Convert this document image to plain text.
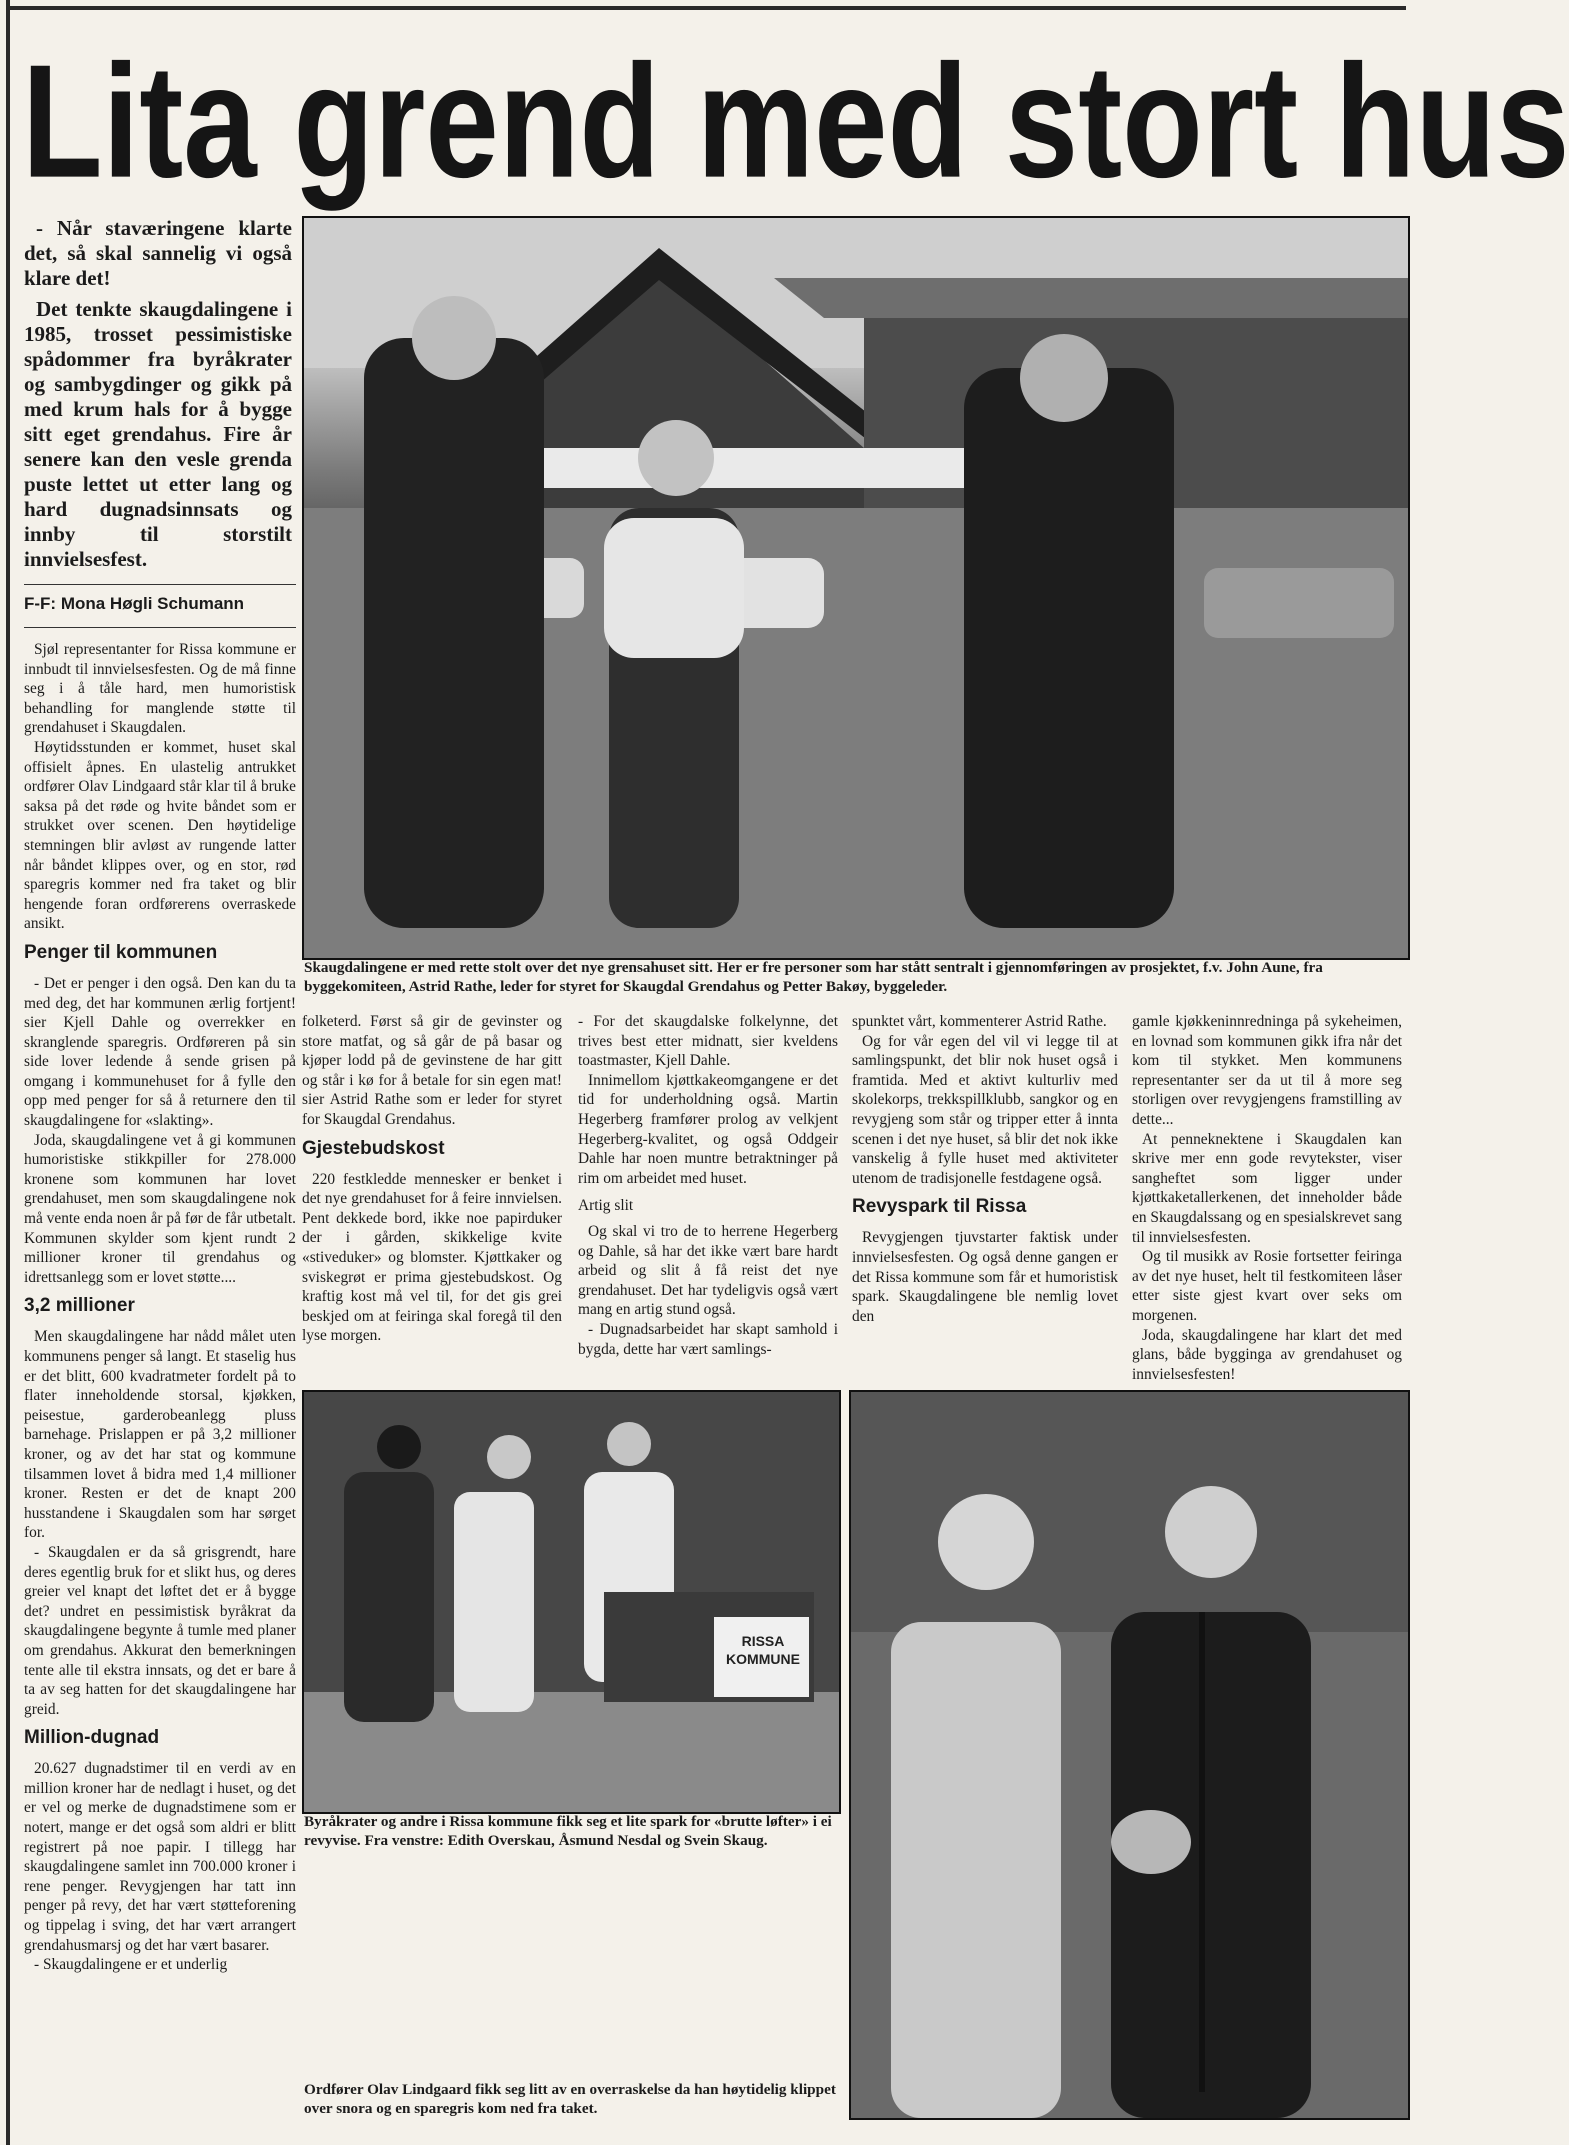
Lita grend med stort hus

- Når staværingene klarte det, så skal sannelig vi også klare det!

Det tenkte skaugdalingene i 1985, trosset pessimistiske spådommer fra byråkrater og sambygdinger og gikk på med krum hals for å bygge sitt eget grendahus. Fire år senere kan den vesle grenda puste lettet ut etter lang og hard dugnadsinnsats og innby til storstilt innvielsesfest.

F-F: Mona Høgli Schumann

Sjøl representanter for Rissa kommune er innbudt til innvielsesfesten. Og de må finne seg i å tåle hard, men humoristisk behandling for manglende støtte til grendahuset i Skaugdalen.

Høytidsstunden er kommet, huset skal offisielt åpnes. En ulastelig antrukket ordfører Olav Lindgaard står klar til å bruke saksa på det røde og hvite båndet som er strukket over scenen. Den høytidelige stemningen blir avløst av rungende latter når båndet klippes over, og en stor, rød sparegris kommer ned fra taket og blir hengende foran ordførerens overraskede ansikt.

Penger til kommunen

- Det er penger i den også. Den kan du ta med deg, det har kommunen ærlig fortjent! sier Kjell Dahle og overrekker en skranglende sparegris. Ordføreren på sin side lover ledende å sende grisen på omgang i kommunehuset for å fylle den opp med penger for så å returnere den til skaugdalingene for «slakting».

Joda, skaugdalingene vet å gi kommunen humoristiske stikkpiller for 278.000 kronene som kommunen har lovet grendahuset, men som skaugdalingene nok må vente enda noen år på før de får utbetalt. Kommunen skylder som kjent rundt 2 millioner kroner til grendahus og idrettsanlegg som er lovet støtte....

3,2 millioner

Men skaugdalingene har nådd målet uten kommunens penger så langt. Et staselig hus er det blitt, 600 kvadratmeter fordelt på to flater inneholdende storsal, kjøkken, peisestue, garderobeanlegg pluss barnehage. Prislappen er på 3,2 millioner kroner, og av det har stat og kommune tilsammen lovet å bidra med 1,4 millioner kroner. Resten er det de knapt 200 husstandene i Skaugdalen som har sørget for.

- Skaugdalen er da så grisgrendt, hare deres egentlig bruk for et slikt hus, og deres greier vel knapt det løftet det er å bygge det? undret en pessimistisk byråkrat da skaugdalingene begynte å tumle med planer om grendahus. Akkurat den bemerkningen tente alle til ekstra innsats, og det er bare å ta av seg hatten for det skaugdalingene har greid.

Million-dugnad

20.627 dugnadstimer til en verdi av en million kroner har de nedlagt i huset, og det er vel og merke de dugnadstimene som er notert, mange er det også som aldri er blitt registrert på noe papir. I tillegg har skaugdalingene samlet inn 700.000 kroner i rene penger. Revygjengen har tatt inn penger på revy, det har vært støtteforening og tippelag i sving, det har vært arrangert grendahusmarsj og det har vært basarer.

- Skaugdalingene er et underlig

Skaugdalingene er med rette stolt over det nye grensahuset sitt. Her er fre personer som har stått sentralt i gjennomføringen av prosjektet, f.v. John Aune, fra byggekomiteen, Astrid Rathe, leder for styret for Skaugdal Grendahus og Petter Bakøy, byggeleder.

folketerd. Først så gir de gevinster og store matfat, og så går de på basar og kjøper lodd på de gevinstene de har gitt og står i kø for å betale for sin egen mat! sier Astrid Rathe som er leder for styret for Skaugdal Grendahus.

Gjestebudskost

220 festkledde mennesker er benket i det nye grendahuset for å feire innvielsen. Pent dekkede bord, ikke noe papirduker der i gården, skikkelige kvite «stiveduker» og blomster. Kjøttkaker og sviskegrøt er prima gjestebudskost. Og kraftig kost må vel til, for det gis grei beskjed om at feiringa skal foregå til den lyse morgen.

- For det skaugdalske folkelynne, det trives best etter midnatt, sier kveldens toastmaster, Kjell Dahle.

Innimellom kjøttkakeomgangene er det tid for underholdning også. Martin Hegerberg framfører prolog av velkjent Hegerberg-kvalitet, og også Oddgeir Dahle har noen muntre betraktninger på rim om arbeidet med huset.

Artig slit

Og skal vi tro de to herrene Hegerberg og Dahle, så har det ikke vært bare hardt arbeid og slit å få reist det nye grendahuset. Det har tydeligvis også vært mang en artig stund også.

- Dugnadsarbeidet har skapt samhold i bygda, dette har vært samlings-

spunktet vårt, kommenterer Astrid Rathe.

Og for vår egen del vil vi legge til at samlingspunkt, det blir nok huset også i framtida. Med et aktivt kulturliv med skolekorps, trekkspillklubb, sangkor og en revygjeng som står og tripper etter å innta scenen i det nye huset, så blir det nok ikke vanskelig å fylle huset med aktiviteter utenom de tradisjonelle festdagene også.

Revyspark til Rissa

Revygjengen tjuvstarter faktisk under innvielsesfesten. Og også denne gangen er det Rissa kommune som får et humoristisk spark. Skaugdalingene ble nemlig lovet den

gamle kjøkkeninnredninga på sykeheimen, en lovnad som kommunen gikk ifra når det kom til stykket. Men kommunens representanter ser da ut til å more seg storligen over revygjengens framstilling av dette...

At penneknektene i Skaugdalen kan skrive mer enn gode revytekster, viser sangheftet som ligger under kjøttkaketallerkenen, det inneholder både en Skaugdalssang og en spesialskrevet sang til innvielsesfesten.

Og til musikk av Rosie fortsetter feiringa av det nye huset, helt til festkomiteen låser etter siste gjest kvart over seks om morgenen.

Joda, skaugdalingene har klart det med glans, både bygginga av grendahuset og innvielsesfesten!

RISSA KOMMUNE
Byråkrater og andre i Rissa kommune fikk seg et lite spark for «brutte løfter» i ei revyvise. Fra venstre: Edith Overskau, Åsmund Nesdal og Svein Skaug.
Ordfører Olav Lindgaard fikk seg litt av en overraskelse da han høytidelig klippet over snora og en sparegris kom ned fra taket.
